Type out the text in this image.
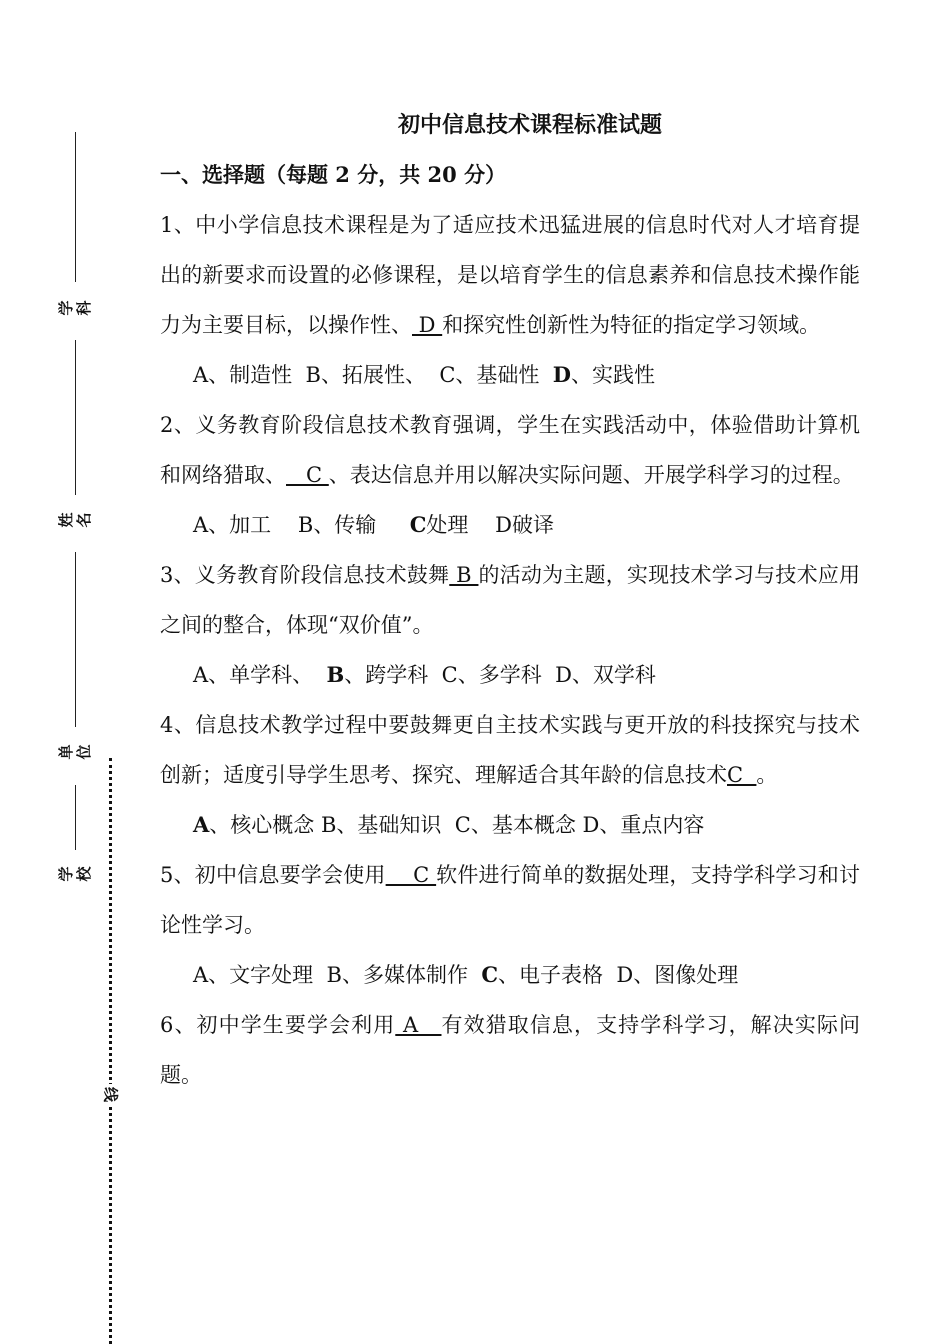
学 科
姓 名
单 位
学校
线
初中信息技术课程标准试题
一、选择题（每题 2 分，共 20 分）
1、中小学信息技术课程是为了适应技术迅猛进展的信息时代对人才培育提出的新要求而设置的必修课程，是以培育学生的信息素养和信息技术操作能力为主要目标，以操作性、 D 和探究性创新性为特征的指定学习领域。
A、制造性  B、拓展性、  C、基础性  D、实践性
2、义务教育阶段信息技术教育强调，学生在实践活动中，体验借助计算机和网络猎取、   C 、表达信息并用以解决实际问题、开展学科学习的过程。
A、加工    B、传输     C处理    D破译
3、义务教育阶段信息技术鼓舞 B 的活动为主题，实现技术学习与技术应用之间的整合，体现“双价值”。
A、单学科、  B、跨学科  C、多学科  D、双学科
4、信息技术教学过程中要鼓舞更自主技术实践与更开放的科技探究与技术创新；适度引导学生思考、探究、理解适合其年龄的信息技术C  。
A、核心概念 B、基础知识  C、基本概念 D、重点内容
5、初中信息要学会使用    C 软件进行简单的数据处理，支持学科学习和讨论性学习。
A、文字处理  B、多媒体制作  C、电子表格  D、图像处理
6、初中学生要学会利用 A   有效猎取信息，支持学科学习，解决实际问题。
